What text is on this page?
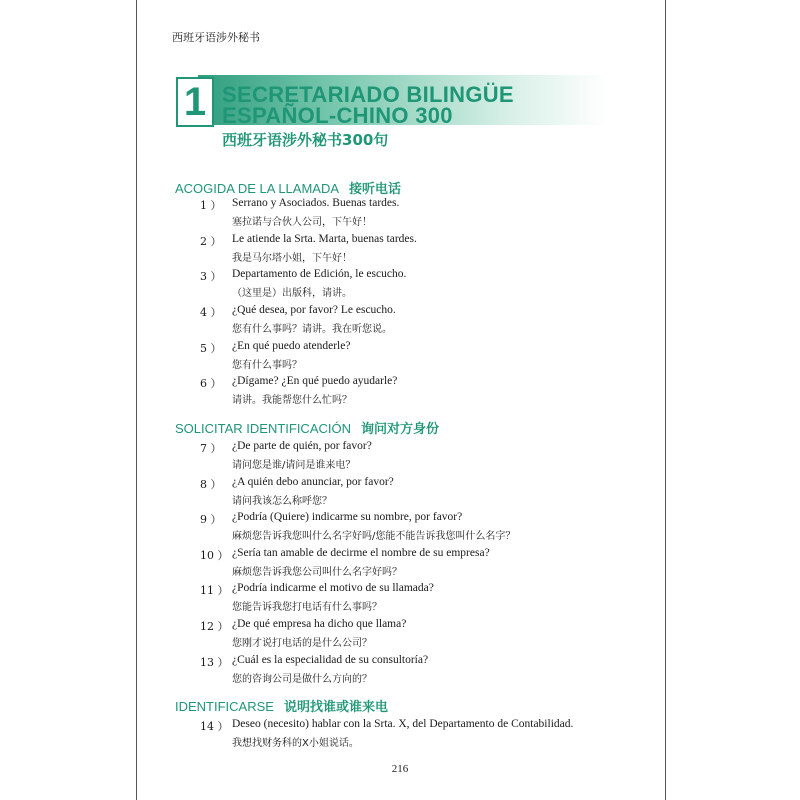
西班牙语涉外秘书
1 SECRETARIADO BILINGÜE
ESPAÑOL-CHINO 300
西班牙语涉外秘书300句
ACOGIDA DE LA LLAMADA 接听电话
1 ） Serrano y Asociados. Buenas tardes.
塞拉诺与合伙人公司，下午好！
2 ） Le atiende la Srta. Marta, buenas tardes.
我是马尔塔小姐，下午好！
3 ） Departamento de Edición, le escucho.
（这里是）出版科，请讲。
4 ） ¿Qué desea, por favor? Le escucho.
您有什么事吗？请讲。我在听您说。
5 ） ¿En qué puedo atenderle?
您有什么事吗？
6 ） ¿Dígame? ¿En qué puedo ayudarle?
请讲。我能帮您什么忙吗？
SOLICITAR IDENTIFICACIÓN 询问对方身份
7 ） ¿De parte de quién, por favor?
请问您是谁/请问是谁来电？
8 ） ¿A quién debo anunciar, por favor?
请问我该怎么称呼您？
9 ） ¿Podría (Quiere) indicarme su nombre, por favor?
麻烦您告诉我您叫什么名字好吗/您能不能告诉我您叫什么名字？
10 ） ¿Sería tan amable de decirme el nombre de su empresa?
麻烦您告诉我您公司叫什么名字好吗？
11 ） ¿Podría indicarme el motivo de su llamada?
您能告诉我您打电话有什么事吗？
12 ） ¿De qué empresa ha dicho que llama?
您刚才说打电话的是什么公司？
13 ） ¿Cuál es la especialidad de su consultoría?
您的咨询公司是做什么方向的？
IDENTIFICARSE 说明找谁或谁来电
14 ） Deseo (necesito) hablar con la Srta. X, del Departamento de Contabilidad.
我想找财务科的X小姐说话。
216
